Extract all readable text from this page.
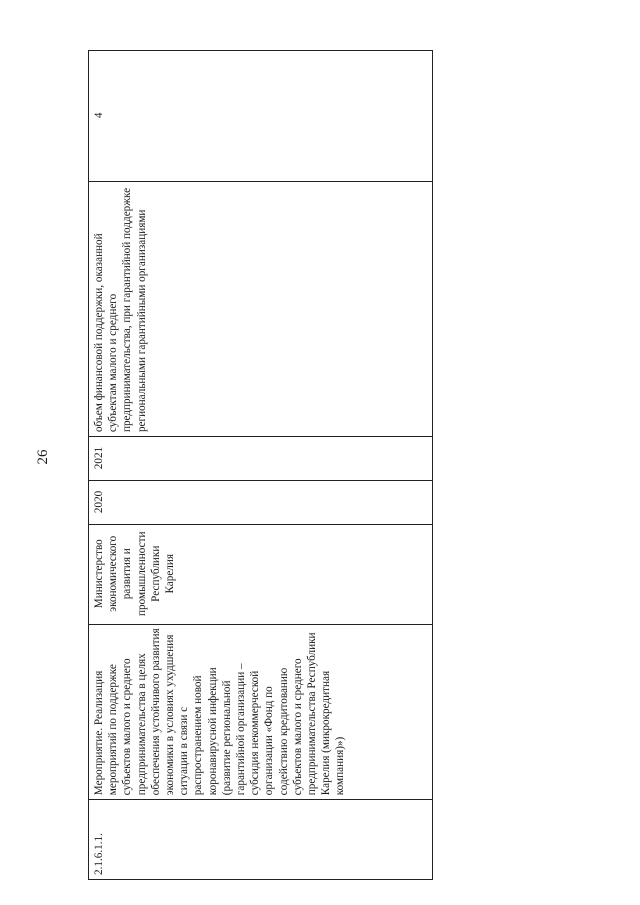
26
2.1.6.1.1.
Мероприятие. Реализация мероприятий по поддержке субъектов малого и среднего предпринимательства в целях обеспечения устойчивого развития экономики в условиях ухудшения ситуации в связи с распространением новой коронавирусной инфекции (развитие региональной гарантийной организации – субсидия некоммерческой организации «Фонд по содействию кредитованию субъектов малого и среднего предпринимательства Республики Карелия (микрокредитная компания)»)
Министерство экономического развития и промышленности Республики Карелия
2020
2021
объем финансовой поддержки, оказанной субъектам малого и среднего предпринимательства, при гарантийной поддержке региональными гарантийными организациями
4
